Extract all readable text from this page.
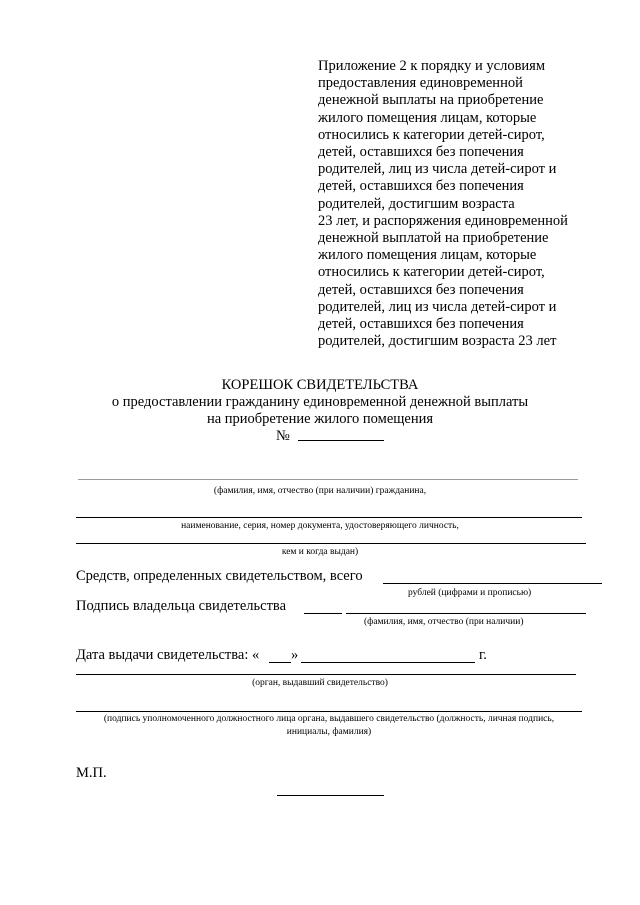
Приложение 2 к порядку и условиям
предоставления единовременной
денежной выплаты на приобретение
жилого помещения лицам, которые
относились к категории детей-сирот,
детей, оставшихся без попечения
родителей, лиц из числа детей-сирот и
детей, оставшихся без попечения
родителей, достигшим возраста
23 лет, и распоряжения единовременной
денежной выплатой на приобретение
жилого помещения лицам, которые
относились к категории детей-сирот,
детей, оставшихся без попечения
родителей, лиц из числа детей-сирот и
детей, оставшихся без попечения
родителей, достигшим возраста 23 лет
КОРЕШОК СВИДЕТЕЛЬСТВА
о предоставлении гражданину единовременной денежной выплаты
на приобретение жилого помещения
№
(фамилия, имя, отчество (при наличии) гражданина,
наименование, серия, номер документа, удостоверяющего личность,
кем и когда выдан)
Средств, определенных свидетельством, всего
рублей (цифрами и прописью)
Подпись владельца свидетельства
(фамилия, имя, отчество (при наличии)
Дата выдачи свидетельства: « »	г.
(орган, выдавший свидетельство)
(подпись уполномоченного должностного лица органа, выдавшего свидетельство (должность, личная подпись, инициалы, фамилия)
М.П.
